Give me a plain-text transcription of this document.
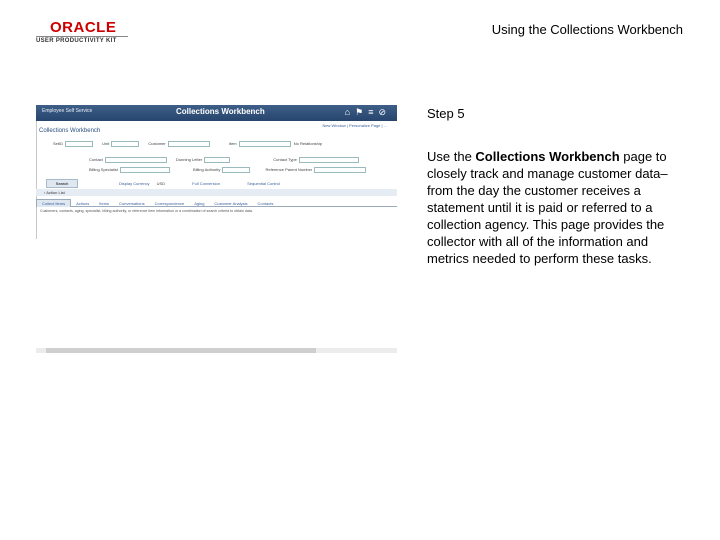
ORACLE
USER PRODUCTIVITY KIT
Using the Collections Workbench
Employee Self Service	Collections Workbench	⌂⚑≡⊘
New Window | Personalize Page | ...
Collections Workbench
SetID	Unit	Customer	Item	No Relationship
Contact	Dunning Letter	Contact Type
Billing Specialist	Billing Authority	Reference Parent Number
Search	Display Currency USD	Full Conversion	Sequential Control
› Action List
Collect Items	Actions	Items	Conversations	Correspondence	Aging	Customer Analysis	Contacts
Customers, contacts, aging, specialist, billing authority, or reference item information or a combination of search criteria to obtain data.
Step 5
Use the Collections Workbench page to closely track and manage customer data–from the day the customer receives a statement until it is paid or referred to a collection agency. This page provides the collector with all of the information and metrics needed to perform these tasks.
